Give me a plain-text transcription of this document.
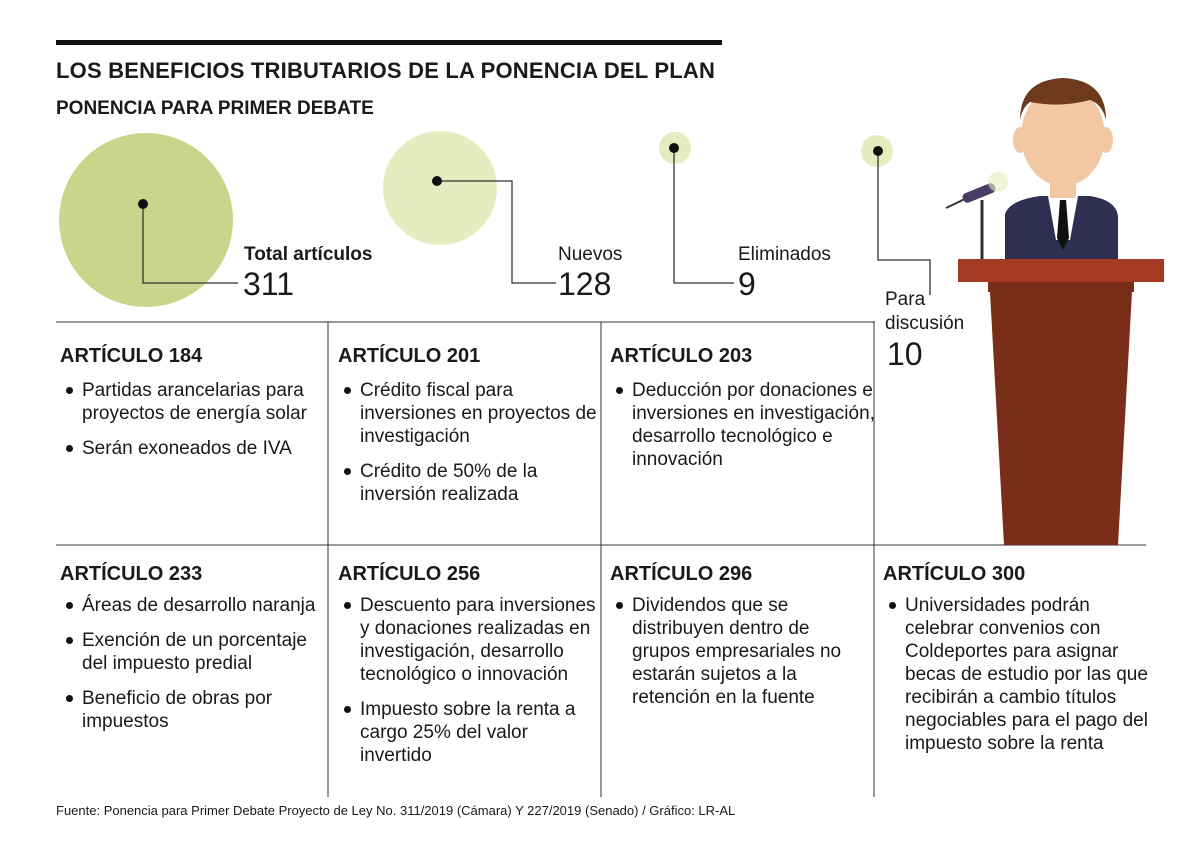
LOS BENEFICIOS TRIBUTARIOS DE LA PONENCIA DEL PLAN
PONENCIA PARA PRIMER DEBATE
Total artículos
311
Nuevos
128
Eliminados
9	Para
discusión
10
ARTÍCULO 184
Partidas arancelarias para proyectos de energía solar
Serán exoneados de IVA
ARTÍCULO 201
Crédito fiscal para inversiones en proyectos de investigación
Crédito de 50% de la inversión realizada
ARTÍCULO 203
Deducción por donaciones e inversiones en investigación, desarrollo tecnológico e innovación
ARTÍCULO 233
Áreas de desarrollo naranja
Exención de un porcentaje del impuesto predial
Beneficio de obras por impuestos
ARTÍCULO 256
Descuento para inversiones y donaciones realizadas en investigación, desarrollo tecnológico o innovación
Impuesto sobre la renta a cargo 25% del valor invertido
ARTÍCULO 296
Dividendos que se distribuyen dentro de grupos empresariales no estarán sujetos a la retención en la fuente
ARTÍCULO 300
Universidades podrán celebrar convenios con Coldeportes para asignar becas de estudio por las que recibirán a cambio títulos negociables para el pago del impuesto sobre la renta
Fuente: Ponencia para Primer Debate Proyecto de Ley No. 311/2019 (Cámara) Y 227/2019 (Senado) / Gráfico: LR-AL
